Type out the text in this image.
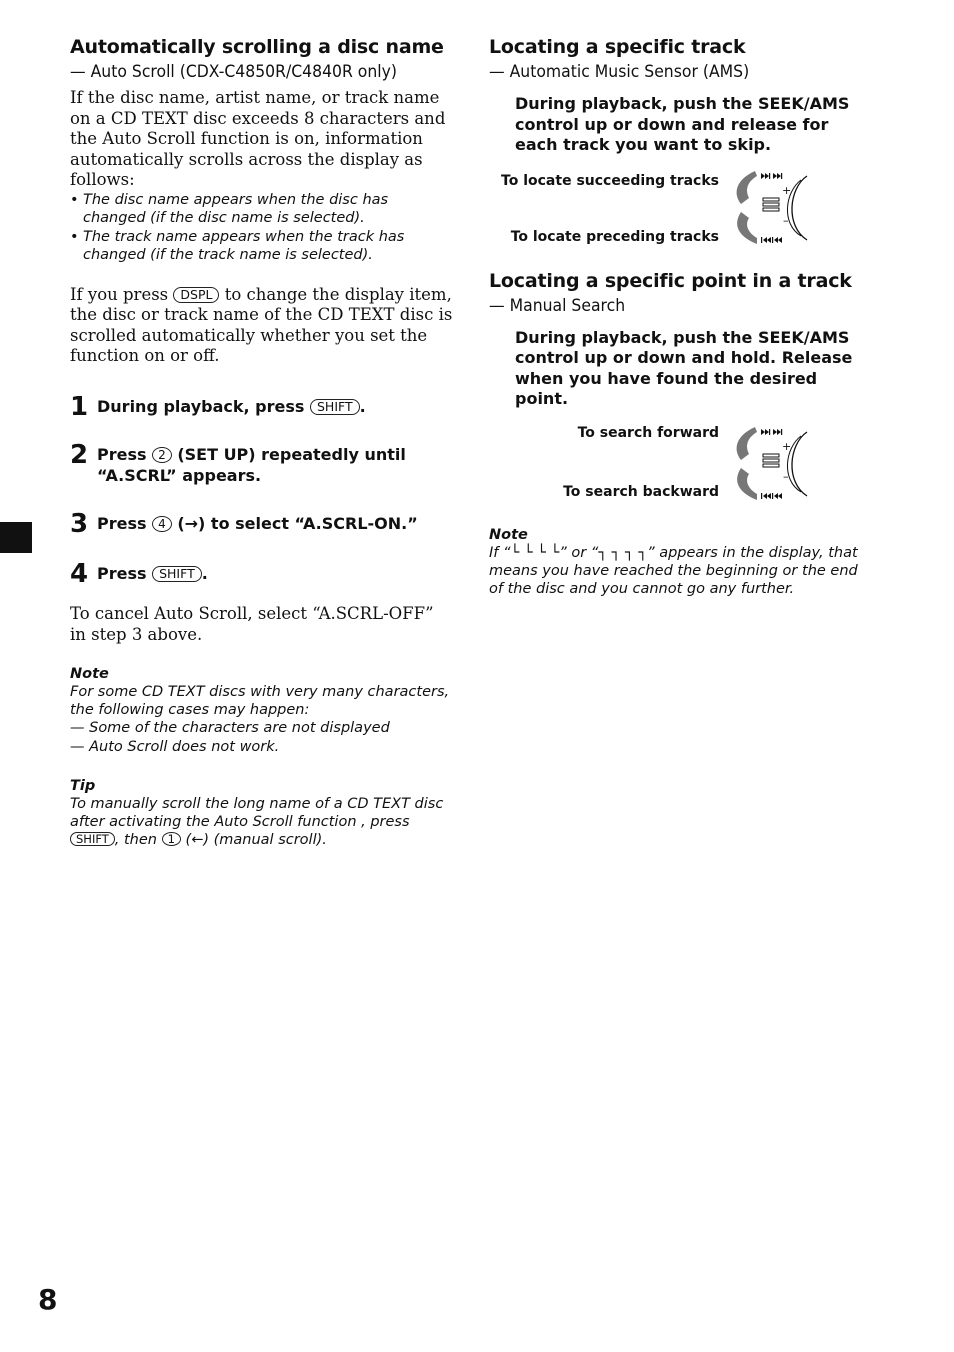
Automatically scrolling a disc name
— Auto Scroll (CDX-C4850R/C4840R only)

If the disc name, artist name, or track name on a CD TEXT disc exceeds 8 characters and the Auto Scroll function is on, information automatically scrolls across the display as follows:

• The disc name appears when the disc has changed (if the disc name is selected).
• The track name appears when the track has changed (if the track name is selected).

If you press DSPL to change the display item, the disc or track name of the CD TEXT disc is scrolled automatically whether you set the function on or off.

1 During playback, press SHIFT .
2 Press 2 (SET UP) repeatedly until “A.SCRL” appears.
3 Press 4 (→) to select “A.SCRL-ON.”
4 Press SHIFT .

To cancel Auto Scroll, select “A.SCRL-OFF” in step 3 above.

Note

For some CD TEXT discs with very many characters, the following cases may happen:

— Some of the characters are not displayed

— Auto Scroll does not work.

Tip

To manually scroll the long name of a CD TEXT disc after activating the Auto Scroll function , press SHIFT , then 1 (←) (manual scroll).

Locating a specific track
— Automatic Music Sensor (AMS)

During playback, push the SEEK/AMS control up or down and release for each track you want to skip.

To locate succeeding tracks
To locate preceding tracks
+
–
Locating a specific point in a track
— Manual Search

During playback, push the SEEK/AMS control up or down and hold. Release when you have found the desired point.

To search forward
To search backward
+
–

Note

If “└ └ └ └” or “┐ ┐ ┐ ┐” appears in the display, that means you have reached the beginning or the end of the disc and you cannot go any further.

8
